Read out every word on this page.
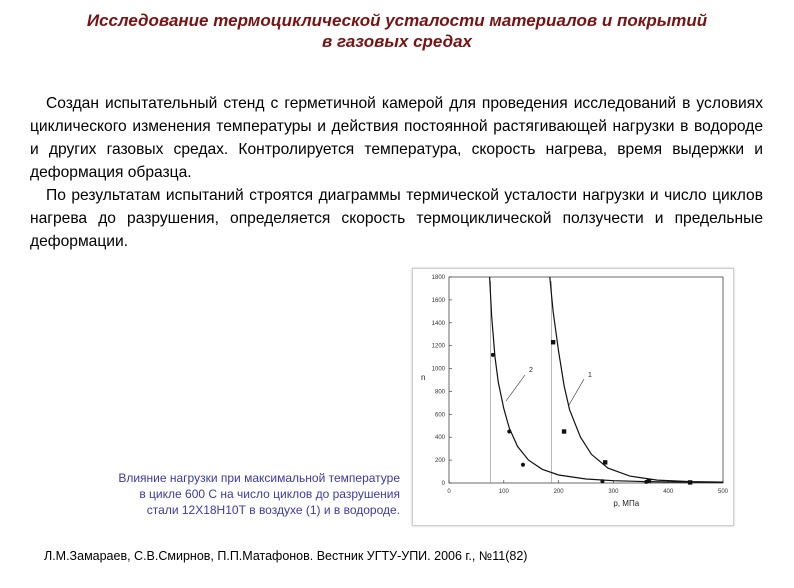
Исследование термоциклической усталости материалов и покрытий
в газовых средах

Создан испытательный стенд с герметичной камерой для проведения исследований в условиях циклического изменения температуры и действия постоянной растягивающей нагрузки в водороде и других газовых средах. Контролируется температура, скорость нагрева, время выдержки и деформация образца.

По результатам испытаний строятся диаграммы термической усталости нагрузки и число циклов нагрева до разрушения, определяется скорость термоциклической ползучести и предельные деформации.

0	100	200	300	400	500
0
200
400
600
800
1000
1200
1400
1600
1800
р, МПа
n	1
2
Влияние нагрузки при максимальной температуре
в цикле 600 С на число циклов до разрушения
стали 12Х18Н10Т в воздухе (1) и в водороде.
Л.М.Замараев, С.В.Смирнов, П.П.Матафонов. Вестник УГТУ-УПИ. 2006 г., №11(82)
